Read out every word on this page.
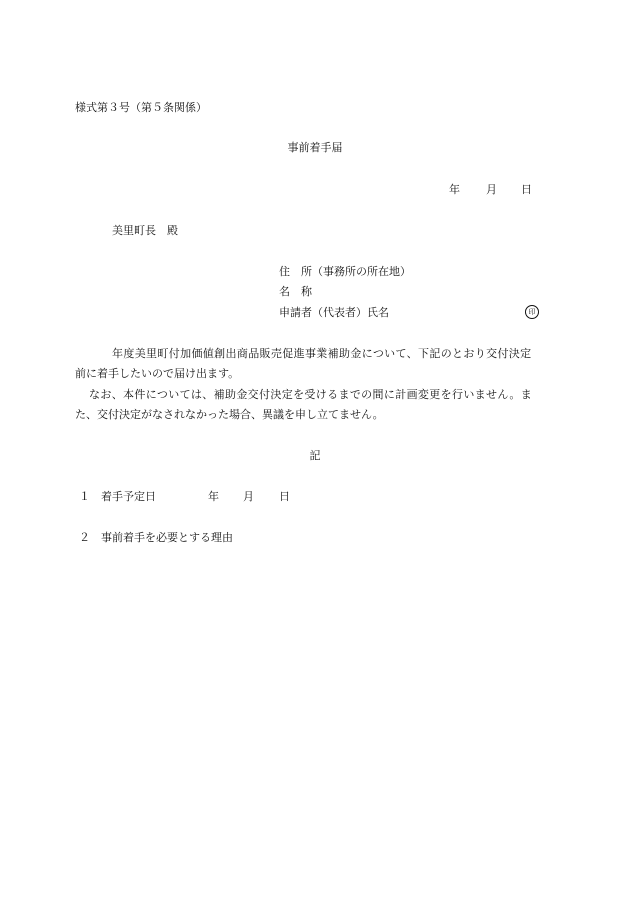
様式第３号（第５条関係）
事前着手届
年 月 日
美里町長　殿
住　所（事務所の所在地）
名　称
申請者（代表者）氏名	印
年度美里町付加価値創出商品販売促進事業補助金について、下記のとおり交付決定
前に着手したいので届け出ます。
なお、本件については、補助金交付決定を受けるまでの間に計画変更を行いません。ま
た、交付決定がなされなかった場合、異議を申し立てません。
記
１ 着手予定日	年 月 日
２ 事前着手を必要とする理由
